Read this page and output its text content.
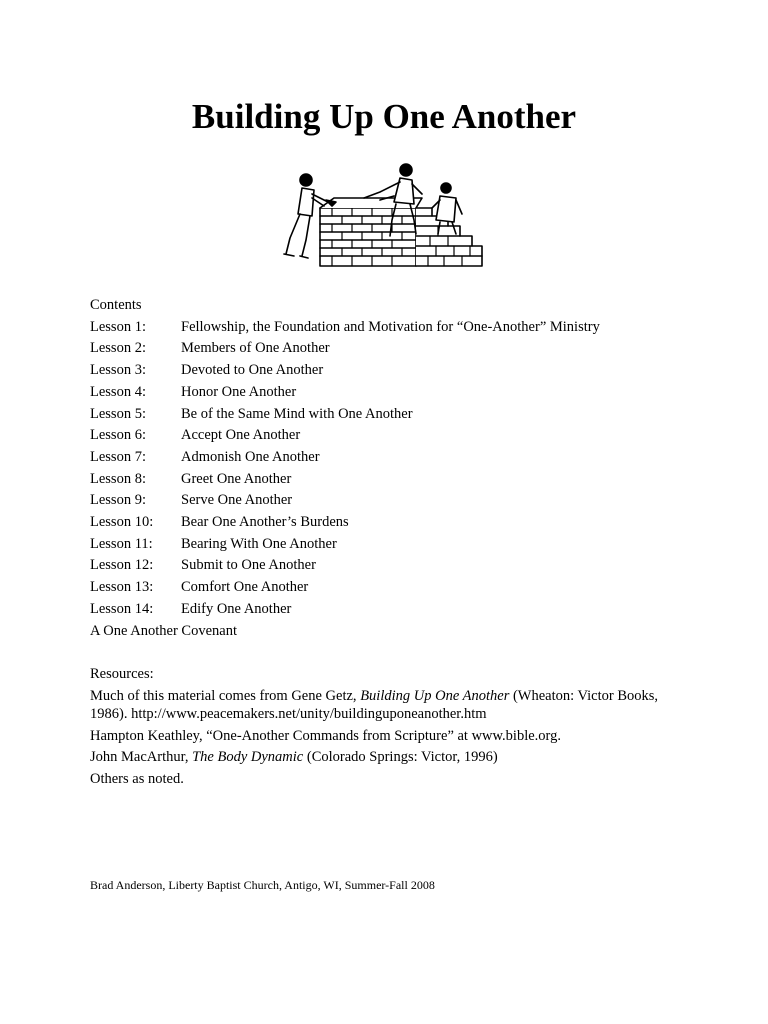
Building Up One Another
Contents
Lesson 1:	Fellowship, the Foundation and Motivation for “One-Another” Ministry
Lesson 2:	Members of One Another
Lesson 3:	Devoted to One Another
Lesson 4:	Honor One Another
Lesson 5:	Be of the Same Mind with One Another
Lesson 6:	Accept One Another
Lesson 7:	Admonish One Another
Lesson 8:	Greet One Another
Lesson 9:	Serve One Another
Lesson 10:	Bear One Another’s Burdens
Lesson 11:	Bearing With One Another
Lesson 12:	Submit to One Another
Lesson 13:	Comfort One Another
Lesson 14:	Edify One Another
A One Another Covenant

Resources:

Much of this material comes from Gene Getz, Building Up One Another (Wheaton: Victor Books, 1986). http://www.peacemakers.net/unity/buildinguponeanother.htm

Hampton Keathley, “One-Another Commands from Scripture” at www.bible.org.

John MacArthur, The Body Dynamic (Colorado Springs: Victor, 1996)

Others as noted.

Brad Anderson, Liberty Baptist Church, Antigo, WI, Summer-Fall 2008
